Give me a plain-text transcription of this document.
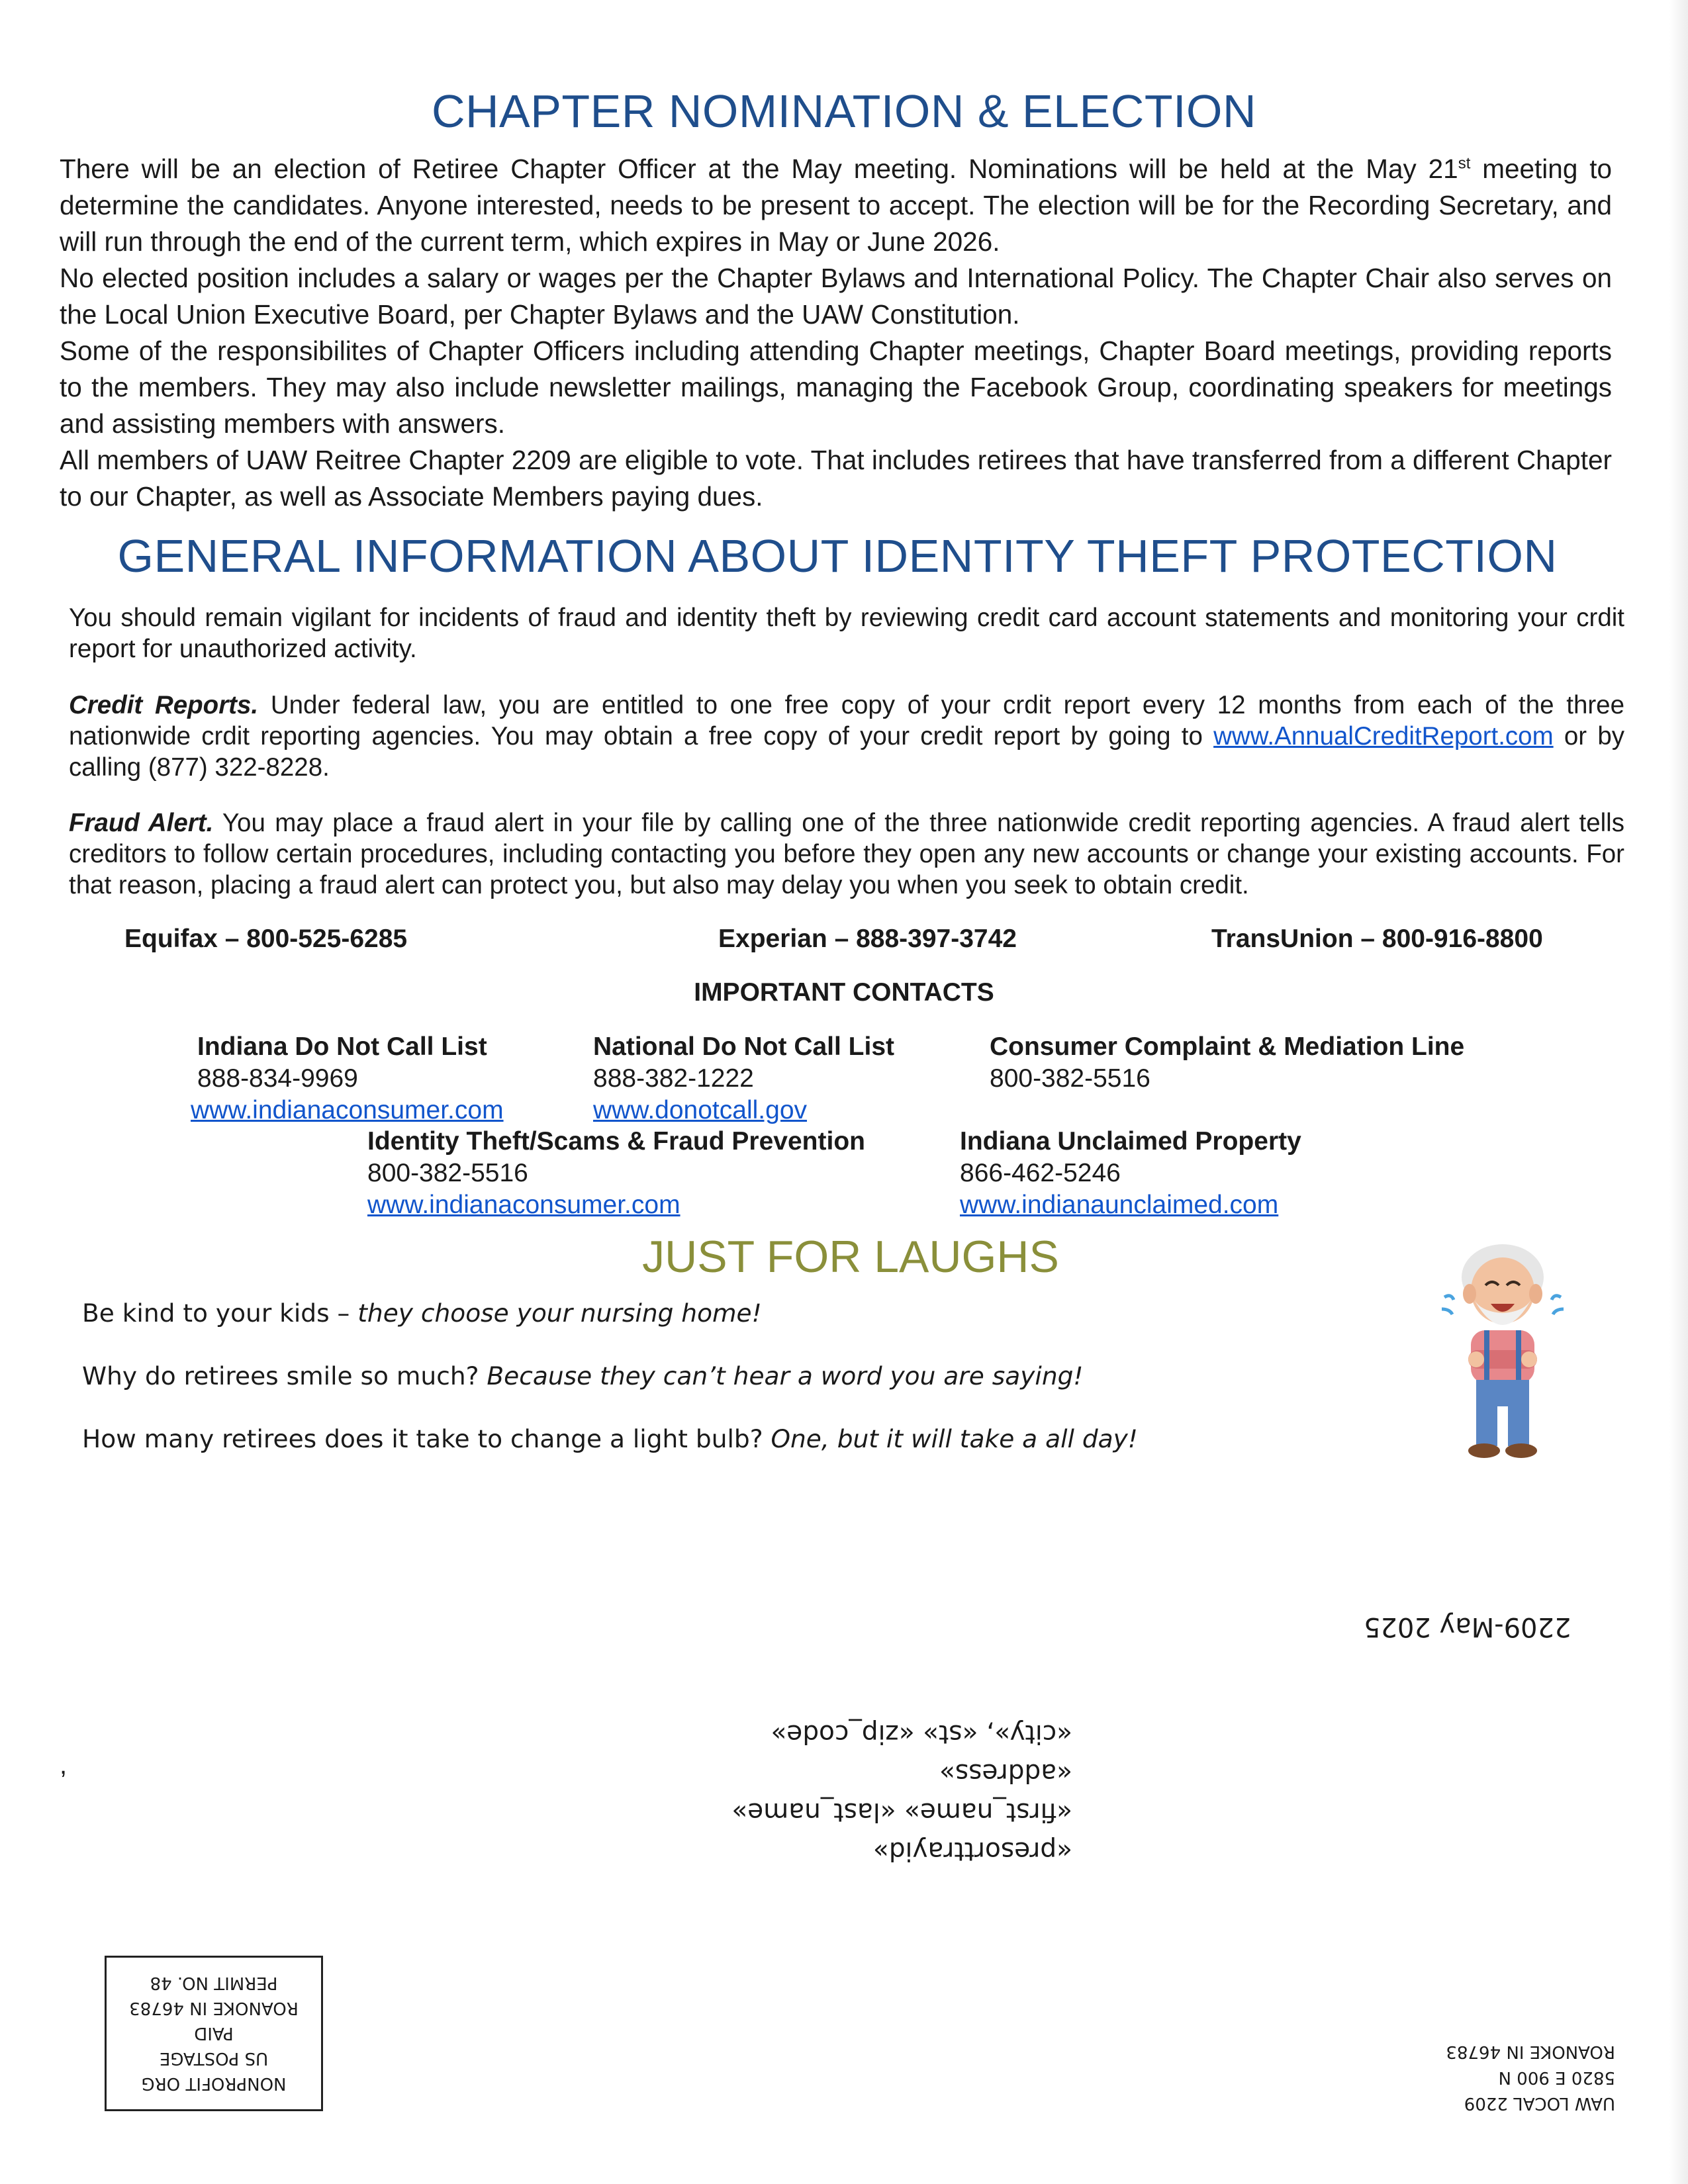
CHAPTER NOMINATION & ELECTION

There will be an election of Retiree Chapter Officer at the May meeting. Nominations will be held at the May 21st meeting to determine the candidates. Anyone interested, needs to be present to accept. The election will be for the Recording Secretary, and will run through the end of the current term, which expires in May or June 2026.

No elected position includes a salary or wages per the Chapter Bylaws and International Policy. The Chapter Chair also serves on the Local Union Executive Board, per Chapter Bylaws and the UAW Constitution.

Some of the responsibilites of Chapter Officers including attending Chapter meetings, Chapter Board meetings, providing reports to the members. They may also include newsletter mailings, managing the Facebook Group, coordinating speakers for meetings and assisting members with answers.

All members of UAW Reitree Chapter 2209 are eligible to vote. That includes retirees that have transferred from a different Chapter to our Chapter, as well as Associate Members paying dues.

GENERAL INFORMATION ABOUT IDENTITY THEFT PROTECTION
You should remain vigilant for incidents of fraud and identity theft by reviewing credit card account statements and monitoring your crdit report for unauthorized activity.
Credit Reports. Under federal law, you are entitled to one free copy of your crdit report every 12 months from each of the three nationwide crdit reporting agencies. You may obtain a free copy of your credit report by going to www.AnnualCreditReport.com or by calling (877) 322-8228.
Fraud Alert. You may place a fraud alert in your file by calling one of the three nationwide credit reporting agencies. A fraud alert tells creditors to follow certain procedures, including contacting you before they open any new accounts or change your existing accounts. For that reason, placing a fraud alert can protect you, but also may delay you when you seek to obtain credit.
Equifax – 800-525-6285	Experian – 888-397-3742	TransUnion – 800-916-8800
IMPORTANT CONTACTS
Indiana Do Not Call List
888-834-9969
www.indianaconsumer.com
National Do Not Call List
888-382-1222
www.donotcall.gov
Consumer Complaint & Mediation Line
800-382-5516
Identity Theft/Scams & Fraud Prevention
800-382-5516
www.indianaconsumer.com
Indiana Unclaimed Property
866-462-5246
www.indianaunclaimed.com
JUST FOR LAUGHS
Be kind to your kids – they choose your nursing home!
Why do retirees smile so much? Because they can’t hear a word you are saying!
How many retirees does it take to change a light bulb? One, but it will take a all day!
2209-May 2025
«presorttrayid»
«first_name» «last_name»
«address»
«city», «st» «zip_code»
,
NONPROFIT ORG
US POSTAGE
PAID
ROANOKE IN 46783
PERMIT NO. 48
UAW LOCAL 2209
5820 E 900 N
ROANOKE IN 46783
